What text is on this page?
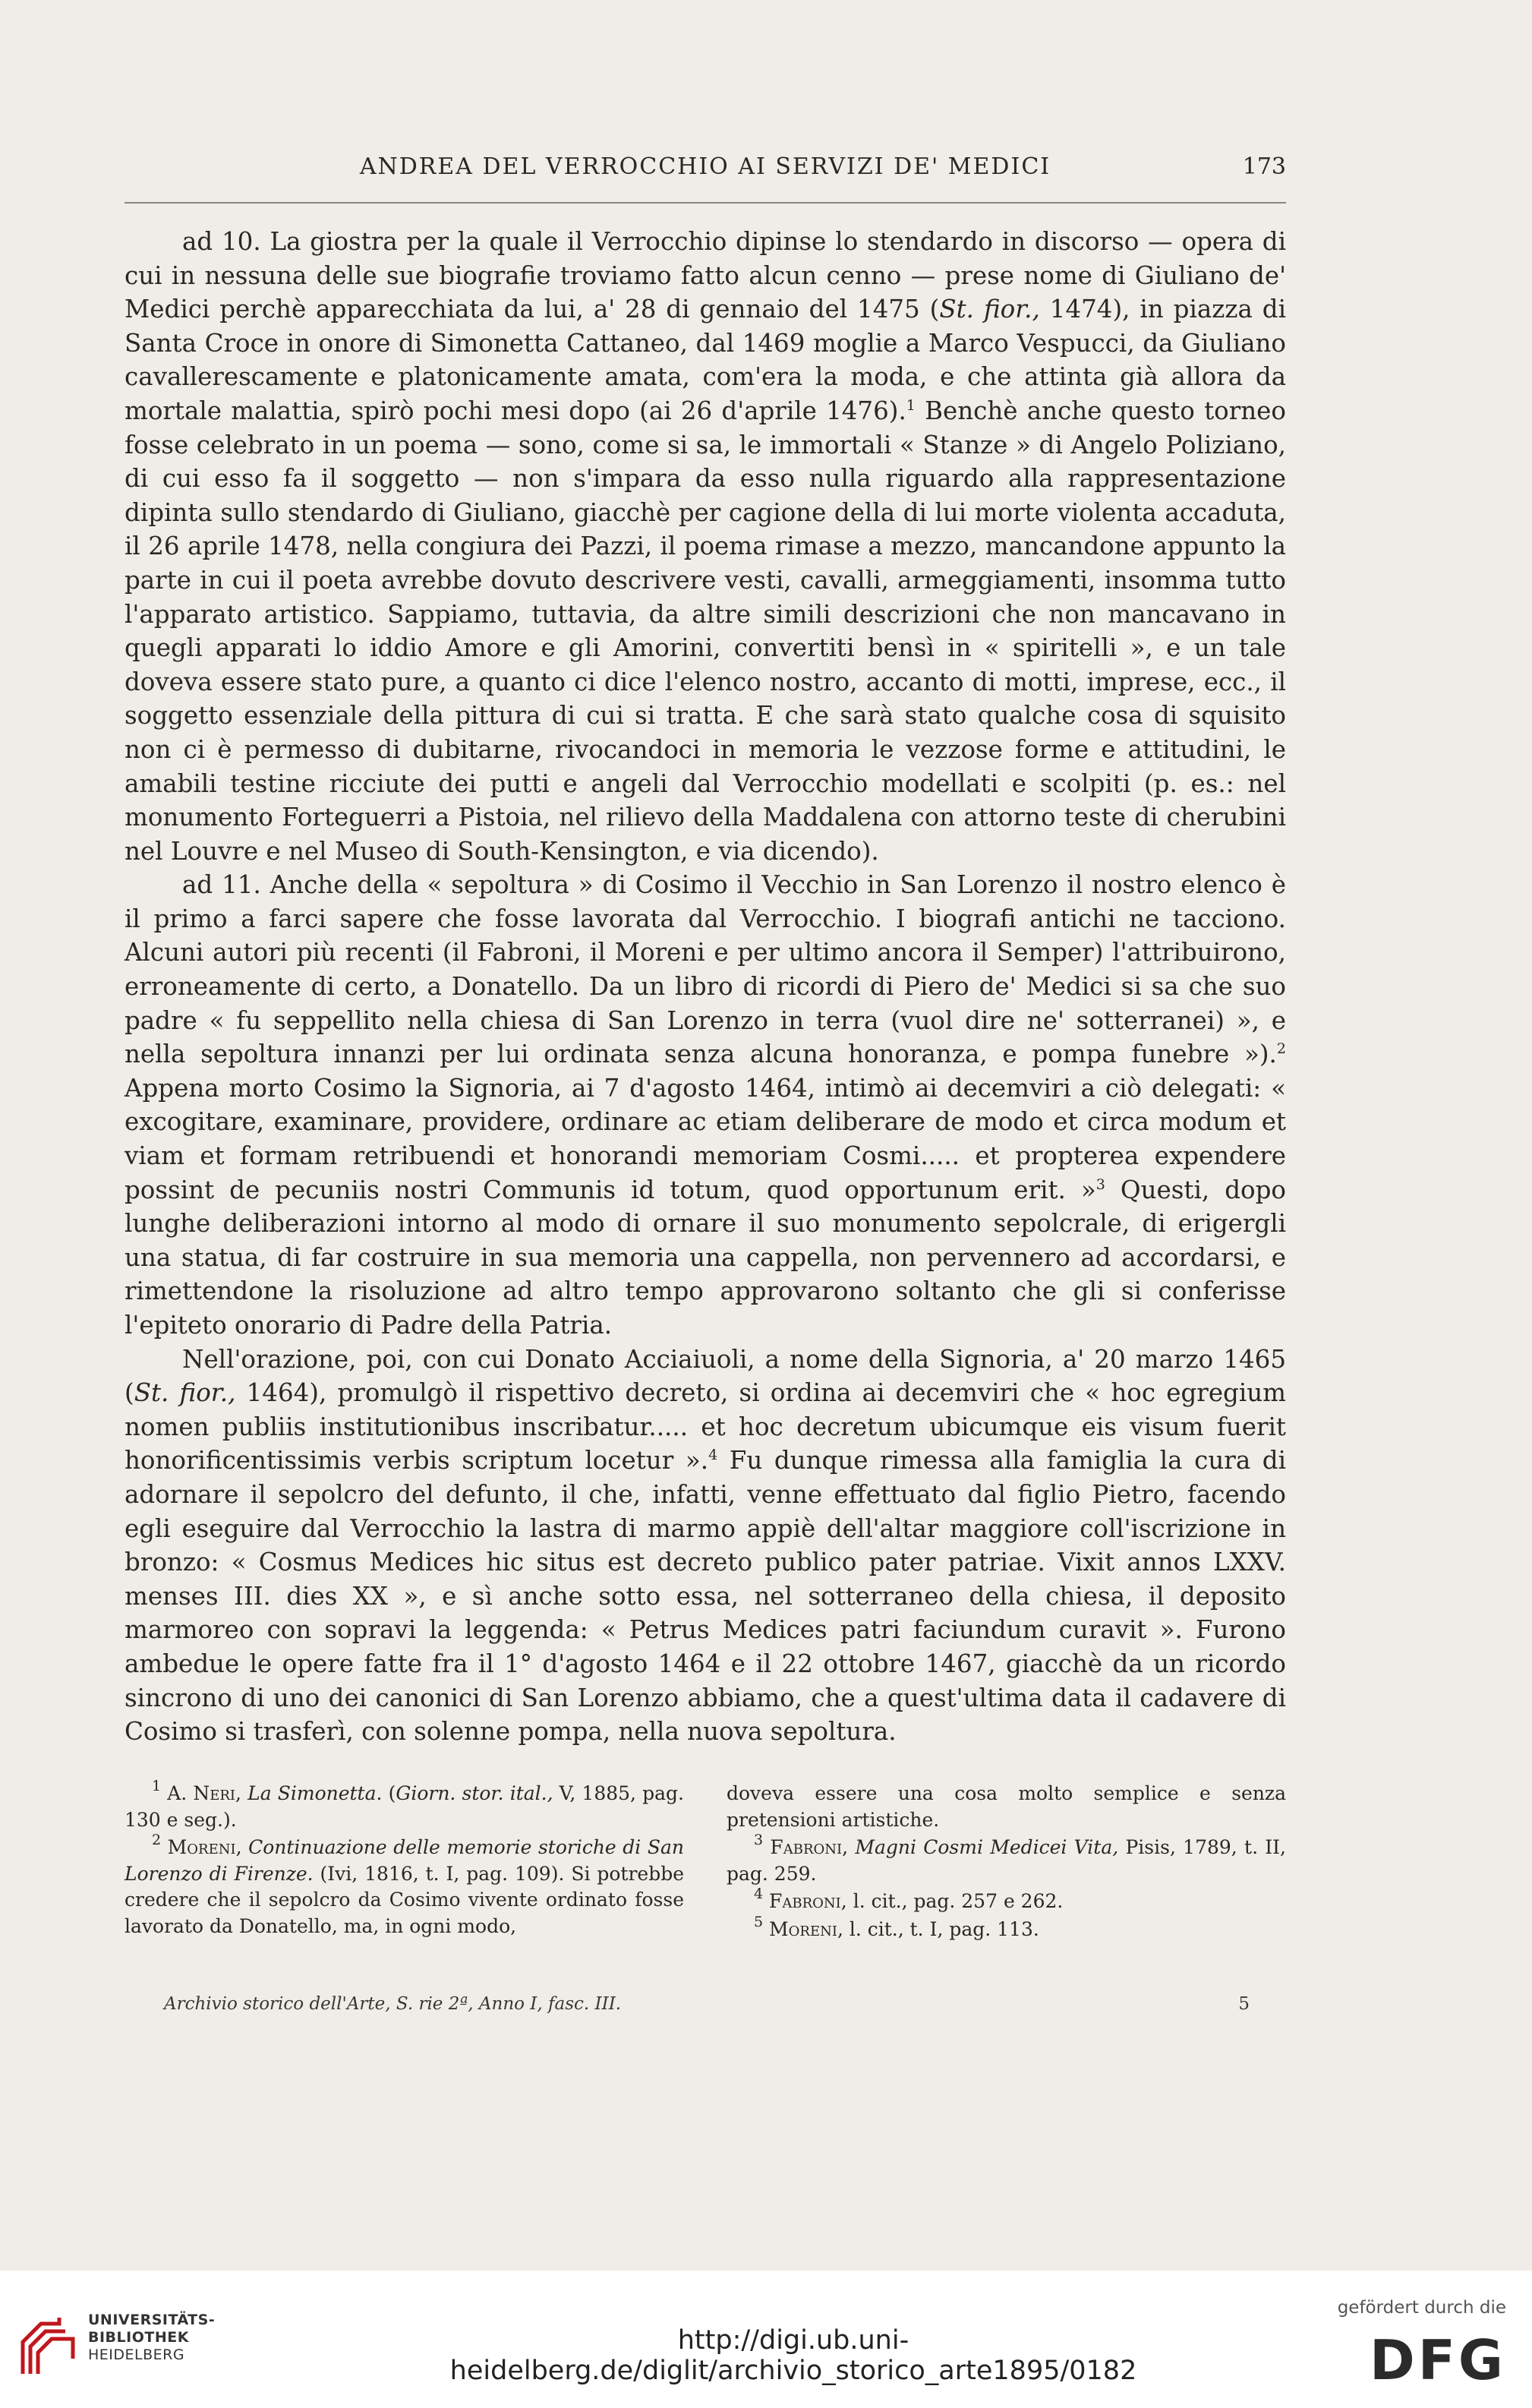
ANDREA DEL VERROCCHIO AI SERVIZI DE' MEDICI	173

ad 10. La giostra per la quale il Verrocchio dipinse lo stendardo in discorso — opera di cui in nessuna delle sue biografie troviamo fatto alcun cenno — prese nome di Giuliano de' Medici perchè apparecchiata da lui, a' 28 di gennaio del 1475 (St. fior., 1474), in piazza di Santa Croce in onore di Simonetta Cattaneo, dal 1469 moglie a Marco Vespucci, da Giuliano cavallerescamente e platonicamente amata, com'era la moda, e che attinta già allora da mortale malattia, spirò pochi mesi dopo (ai 26 d'aprile 1476).$^1$ Benchè anche questo torneo fosse celebrato in un poema — sono, come si sa, le immortali « Stanze » di Angelo Poliziano, di cui esso fa il soggetto — non s'impara da esso nulla riguardo alla rappresentazione dipinta sullo stendardo di Giuliano, giacchè per cagione della di lui morte violenta accaduta, il 26 aprile 1478, nella congiura dei Pazzi, il poema rimase a mezzo, mancandone appunto la parte in cui il poeta avrebbe dovuto descrivere vesti, cavalli, armeggiamenti, insomma tutto l'apparato artistico. Sappiamo, tuttavia, da altre simili descrizioni che non mancavano in quegli apparati lo iddio Amore e gli Amorini, convertiti bensì in « spiritelli », e un tale doveva essere stato pure, a quanto ci dice l'elenco nostro, accanto di motti, imprese, ecc., il soggetto essenziale della pittura di cui si tratta. E che sarà stato qualche cosa di squisito non ci è permesso di dubitarne, rivocandoci in memoria le vezzose forme e attitudini, le amabili testine ricciute dei putti e angeli dal Verrocchio modellati e scolpiti (p. es.: nel monumento Forteguerri a Pistoia, nel rilievo della Maddalena con attorno teste di cherubini nel Louvre e nel Museo di South-Kensington, e via dicendo).

ad 11. Anche della « sepoltura » di Cosimo il Vecchio in San Lorenzo il nostro elenco è il primo a farci sapere che fosse lavorata dal Verrocchio. I biografi antichi ne tacciono. Alcuni autori più recenti (il Fabroni, il Moreni e per ultimo ancora il Semper) l'attribuirono, erroneamente di certo, a Donatello. Da un libro di ricordi di Piero de' Medici si sa che suo padre « fu seppellito nella chiesa di San Lorenzo in terra (vuol dire ne' sotterranei) », e nella sepoltura innanzi per lui ordinata senza alcuna honoranza, e pompa funebre »).$^2$ Appena morto Cosimo la Signoria, ai 7 d'agosto 1464, intimò ai decemviri a ciò delegati: « excogitare, examinare, providere, ordinare ac etiam deliberare de modo et circa modum et viam et formam retribuendi et honorandi memoriam Cosmi..... et propterea expendere possint de pecuniis nostri Communis id totum, quod opportunum erit. »$^3$ Questi, dopo lunghe deliberazioni intorno al modo di ornare il suo monumento sepolcrale, di erigergli una statua, di far costruire in sua memoria una cappella, non pervennero ad accordarsi, e rimettendone la risoluzione ad altro tempo approvarono soltanto che gli si conferisse l'epiteto onorario di Padre della Patria.

Nell'orazione, poi, con cui Donato Acciaiuoli, a nome della Signoria, a' 20 marzo 1465 (St. fior., 1464), promulgò il rispettivo decreto, si ordina ai decemviri che « hoc egregium nomen publiis institutionibus inscribatur..... et hoc decretum ubicumque eis visum fuerit honorificentissimis verbis scriptum locetur ».$^4$ Fu dunque rimessa alla famiglia la cura di adornare il sepolcro del defunto, il che, infatti, venne effettuato dal figlio Pietro, facendo egli eseguire dal Verrocchio la lastra di marmo appiè dell'altar maggiore coll'iscrizione in bronzo: « Cosmus Medices hic situs est decreto publico pater patriae. Vixit annos LXXV. menses III. dies XX », e sì anche sotto essa, nel sotterraneo della chiesa, il deposito marmoreo con sopravi la leggenda: « Petrus Medices patri faciundum curavit ». Furono ambedue le opere fatte fra il 1° d'agosto 1464 e il 22 ottobre 1467, giacchè da un ricordo sincrono di uno dei canonici di San Lorenzo abbiamo, che a quest'ultima data il cadavere di Cosimo si trasferì, con solenne pompa, nella nuova sepoltura.

$^1$ A. Neri, La Simonetta. (Giorn. stor. ital., V, 1885, pag. 130 e seg.).

$^2$ Moreni, Continuazione delle memorie storiche di San Lorenzo di Firenze. (Ivi, 1816, t. I, pag. 109). Si potrebbe credere che il sepolcro da Cosimo vivente ordinato fosse lavorato da Donatello, ma, in ogni modo,

doveva essere una cosa molto semplice e senza pretensioni artistiche.

$^3$ Fabroni, Magni Cosmi Medicei Vita, Pisis, 1789, t. II, pag. 259.

$^4$ Fabroni, l. cit., pag. 257 e 262.

$^5$ Moreni, l. cit., t. I, pag. 113.

Archivio storico dell'Arte, S. rie 2ª, Anno I, fasc. III.	5
UNIVERSITÄTS-
BIBLIOTHEK
HEIDELBERG	http://digi.ub.uni-heidelberg.de/diglit/archivio_storico_arte1895/0182
gefördert durch die
DFG
